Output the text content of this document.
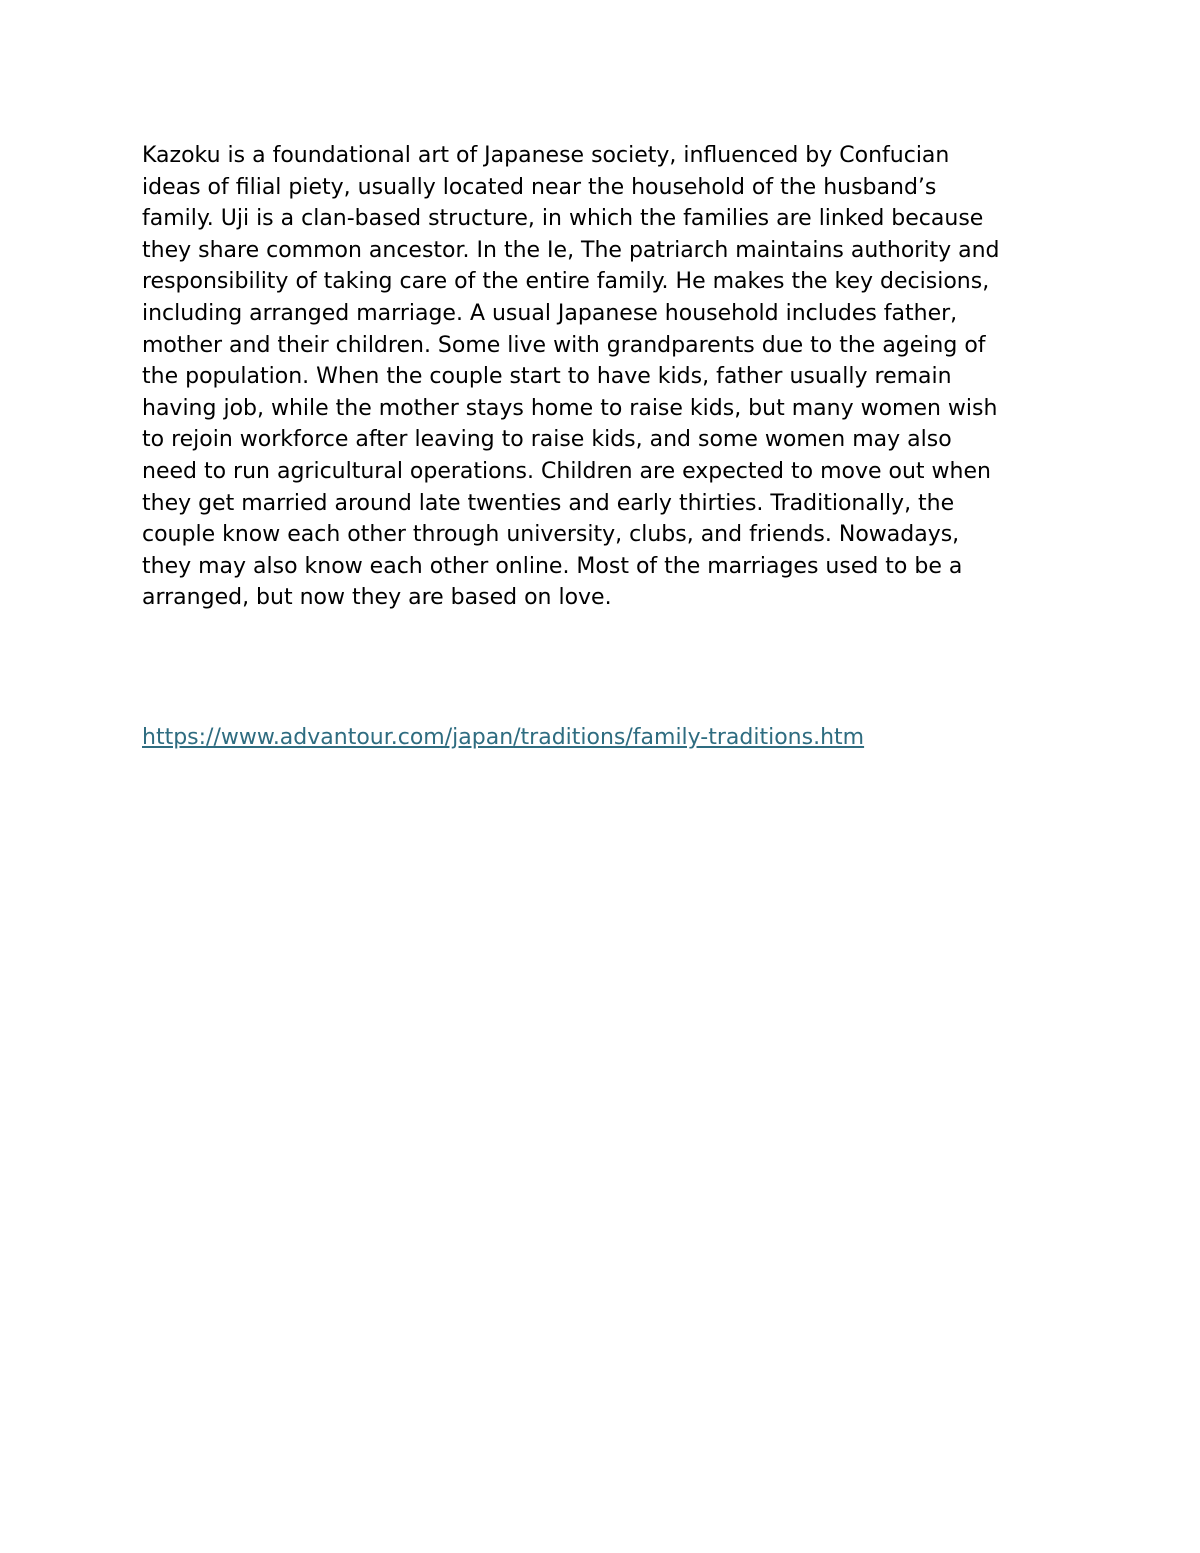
Kazoku is a foundational art of Japanese society, influenced by Confucian
ideas of filial piety, usually located near the household of the husband’s
family. Uji is a clan-based structure, in which the families are linked because
they share common ancestor. In the Ie, The patriarch maintains authority and
responsibility of taking care of the entire family. He makes the key decisions,
including arranged marriage. A usual Japanese household includes father,
mother and their children. Some live with grandparents due to the ageing of
the population. When the couple start to have kids, father usually remain
having job, while the mother stays home to raise kids, but many women wish
to rejoin workforce after leaving to raise kids, and some women may also
need to run agricultural operations. Children are expected to move out when
they get married around late twenties and early thirties. Traditionally, the
couple know each other through university, clubs, and friends. Nowadays,
they may also know each other online. Most of the marriages used to be a
arranged, but now they are based on love.

https://www.advantour.com/japan/traditions/family-traditions.htm
